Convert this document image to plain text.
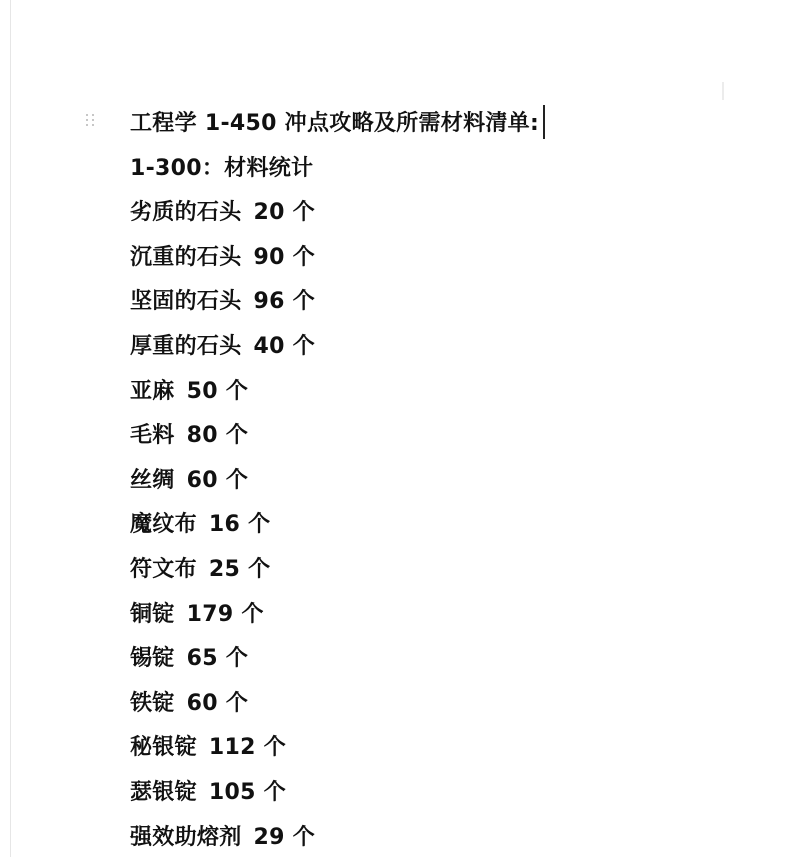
工程学 1-450 冲点攻略及所需材料清单:
1-300：材料统计
劣质的石头 20 个
沉重的石头 90 个
坚固的石头 96 个
厚重的石头 40 个
亚麻 50 个
毛料 80 个
丝绸 60 个
魔纹布 16 个
符文布 25 个
铜锭 179 个
锡锭 65 个
铁锭 60 个
秘银锭 112 个
瑟银锭 105 个
强效助熔剂 29 个
